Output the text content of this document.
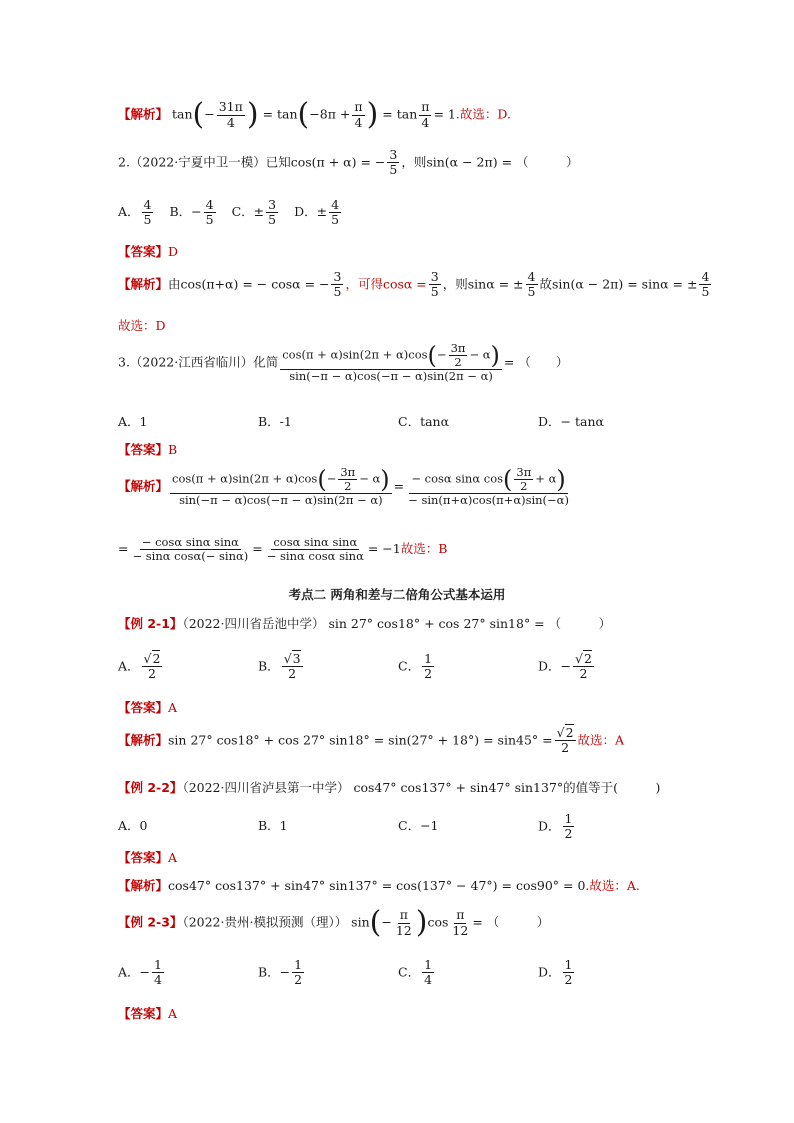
【解析】 $\tan(- \frac{31\pi}{4}$ ) = $\tan(-8\pi + \frac{\pi}{4}$ ) = $\tan \frac{\pi}{4} = 1$.故选：D.
2.（2022·宁夏中卫一模）已知cos(π + α) = − $\frac{3}{5}$ ，则sin(α − 2π) = （　　　）
A． $\frac{4}{5}$ B．− $\frac{4}{5}$ C．± $\frac{3}{5}$ D．± $\frac{4}{5}$
【答案】D
【解析】由cos(π+α) = − cosα = − $\frac{3}{5}$ ，可得$\cos\alpha = \frac{3}{5}$ ，则sinα = ± $\frac{4}{5}$ 故sin(α − 2π) = sinα = ± $\frac{4}{5}$
故选：D
3.（2022·江西省临川）化简 $\frac{\cos(\pi + \alpha)\sin(2\pi + \alpha)\cos(- \frac{3\pi}{2} - \alpha)}{\sin(-\pi - \alpha)\cos(-\pi - \alpha)\sin(2\pi - \alpha)}$ = （　　）
A．1	B．-1	C．tanα	D．− tanα
【答案】B
【解析】 $\frac{\cos(\pi + \alpha)\sin(2\pi + \alpha)\cos(- \frac{3\pi}{2} - \alpha)}{\sin(-\pi - \alpha)\cos(-\pi - \alpha)\sin(2\pi - \alpha)} = \frac{- \cos\alpha \sin\alpha \cos( \frac{3\pi}{2} + \alpha)}{- \sin(\pi+\alpha)\cos(\pi+\alpha)\sin(-\alpha)}$
= $\frac{\text{− cosα sinα sinα}}{\text{− sinα cosα(− sinα)}} = \frac{\text{cosα sinα sinα}}{\text{− sinα cosα sinα}} = -1$故选：B
考点二 两角和差与二倍角公式基本运用
【例 2-1】（2022·四川省岳池中学） sin 27° cos18° + cos 27° sin18° = （　　　）
A． $\frac{√2}{2}$	B． $\frac{√3}{2}$	C． $\frac{1}{2}$	D．− $\frac{√2}{2}$
【答案】A
【解析】sin 27° cos18° + cos 27° $\sin 18^\circ = \sin(27^\circ + 18^\circ) = \sin 45^\circ = \frac{√2}{2}$ 故选：A
【例 2-2】（2022·四川省泸县第一中学） cos47° cos137° + sin47° sin137°的值等于(　　　)
A．0	B．1	C．−1	D． $\frac{1}{2}$
【答案】A
【解析】cos47° cos137° + sin47° sin137° = cos(137° − 47°) = cos90° = 0.故选：A.
【例 2-3】（2022·贵州·模拟预测（理）） $\sin(- \frac{\pi}{12} )\cos \frac{\pi}{12}$ = （　　　）
A．− $\frac{1}{4}$	B．− $\frac{1}{2}$	C． $\frac{1}{4}$	D． $\frac{1}{2}$
【答案】A
